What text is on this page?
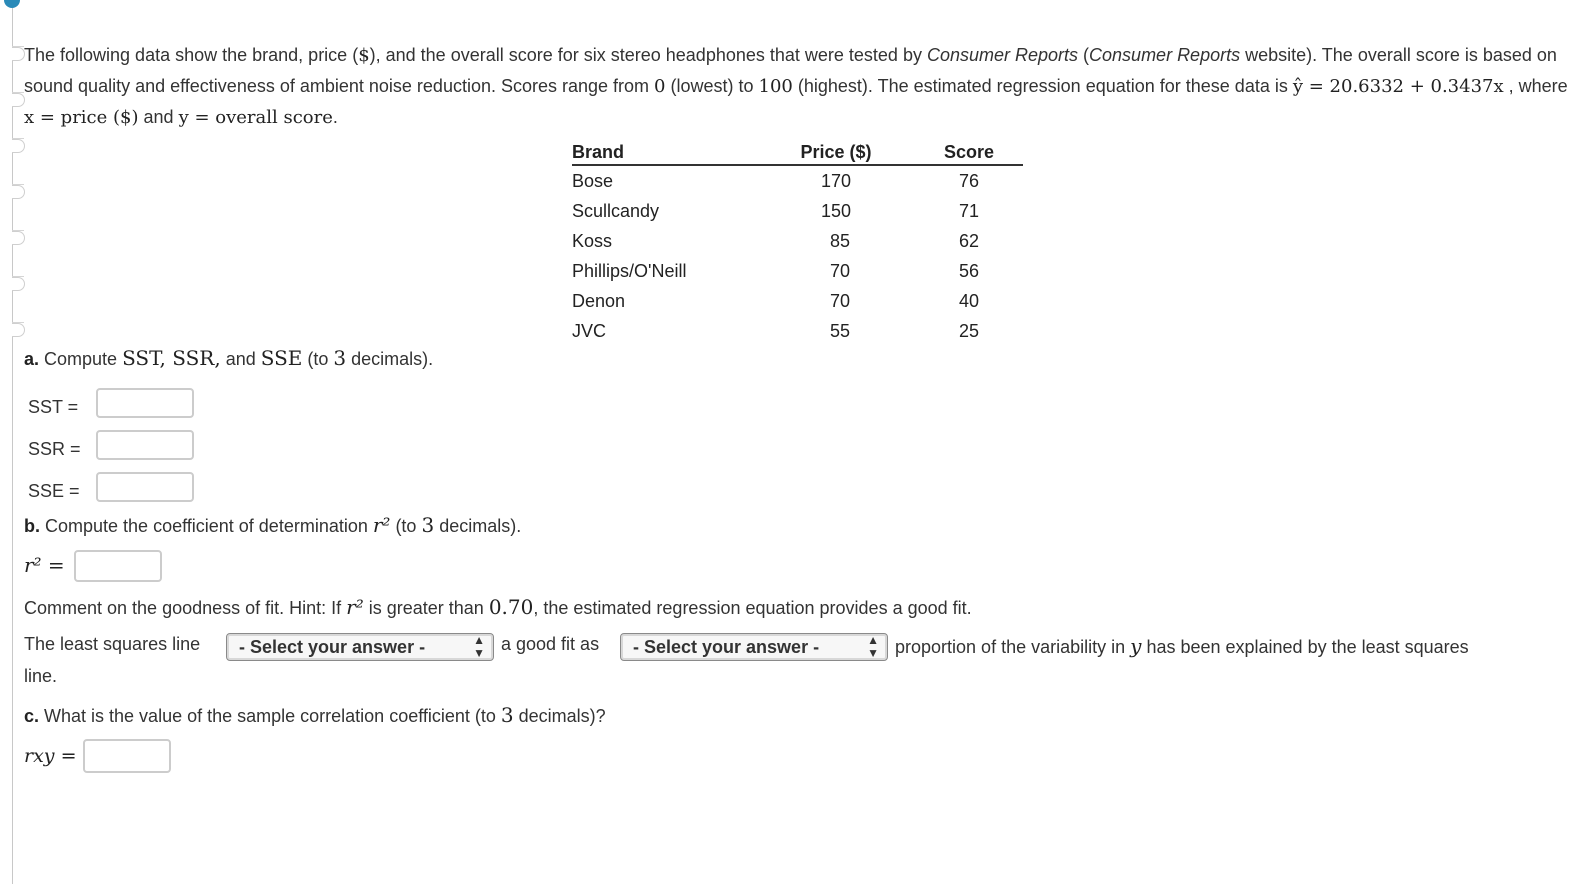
The following data show the brand, price ($), and the overall score for six stereo headphones that were tested by Consumer Reports (Consumer Reports website). The overall score is based on sound quality and effectiveness of ambient noise reduction. Scores range from 0 (lowest) to 100 (highest). The estimated regression equation for these data is ŷ = 20.6332 + 0.3437x , where x = price ($) and y = overall score.

Brand	Price ($)	Score
Bose	170	76
Scullcandy	150	71
Koss	85	62
Phillips/O'Neill	70	56
Denon	70	40
JVC	55	25
a. Compute SST, SSR, and SSE (to 3 decimals).
SST =
SSR =
SSE =
b. Compute the coefficient of determination r² (to 3 decimals).
r² =
Comment on the goodness of fit. Hint: If r² is greater than 0.70, the estimated regression equation provides a good fit.
The least squares line	- Select your answer -	▲
▼ a good fit as	- Select your answer -	▲
▼ proportion of the variability in y has been explained by the least squares
line.
c. What is the value of the sample correlation coefficient (to 3 decimals)?
rxy =
